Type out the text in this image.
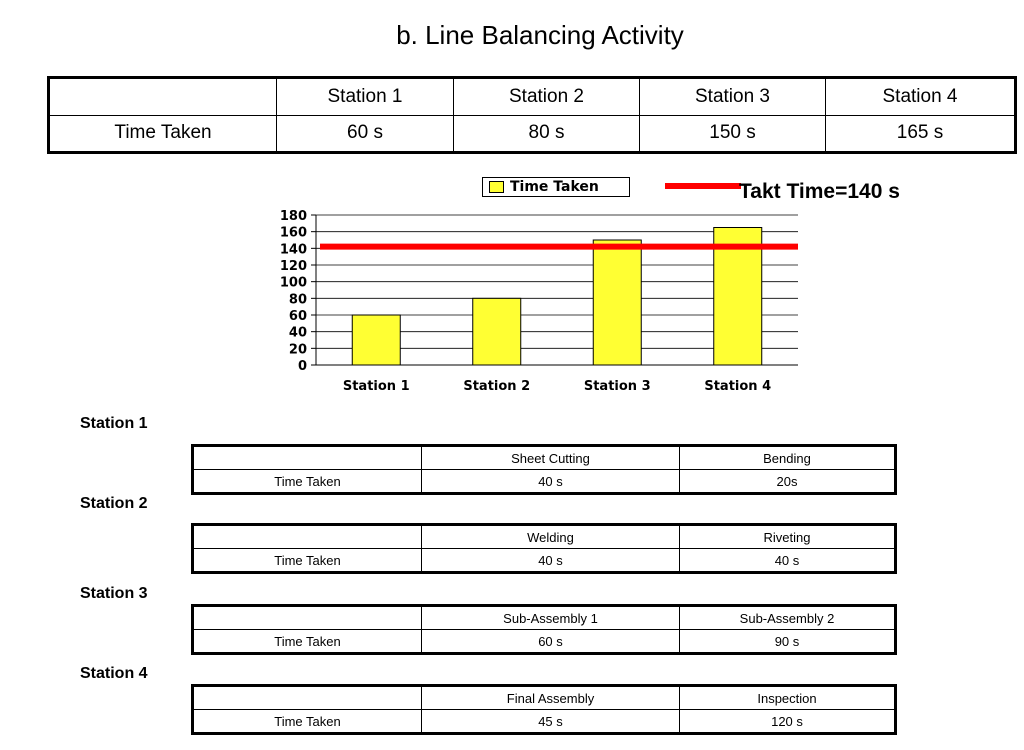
b. Line Balancing Activity
	Station 1	Station 2	Station 3	Station 4
Time Taken	60 s	80 s	150 s	165 s
Time Taken	Takt Time=140 s
0
20
40
60
80
100
120
140
160
180
Station 1	Station 2	Station 3	Station 4
Station 1
	Sheet Cutting	Bending
Time Taken	40 s	20s
Station 2
	Welding	Riveting
Time Taken	40 s	40 s
Station 3
	Sub-Assembly 1	Sub-Assembly 2
Time Taken	60 s	90 s
Station 4
	Final Assembly	Inspection
Time Taken	45 s	120 s
